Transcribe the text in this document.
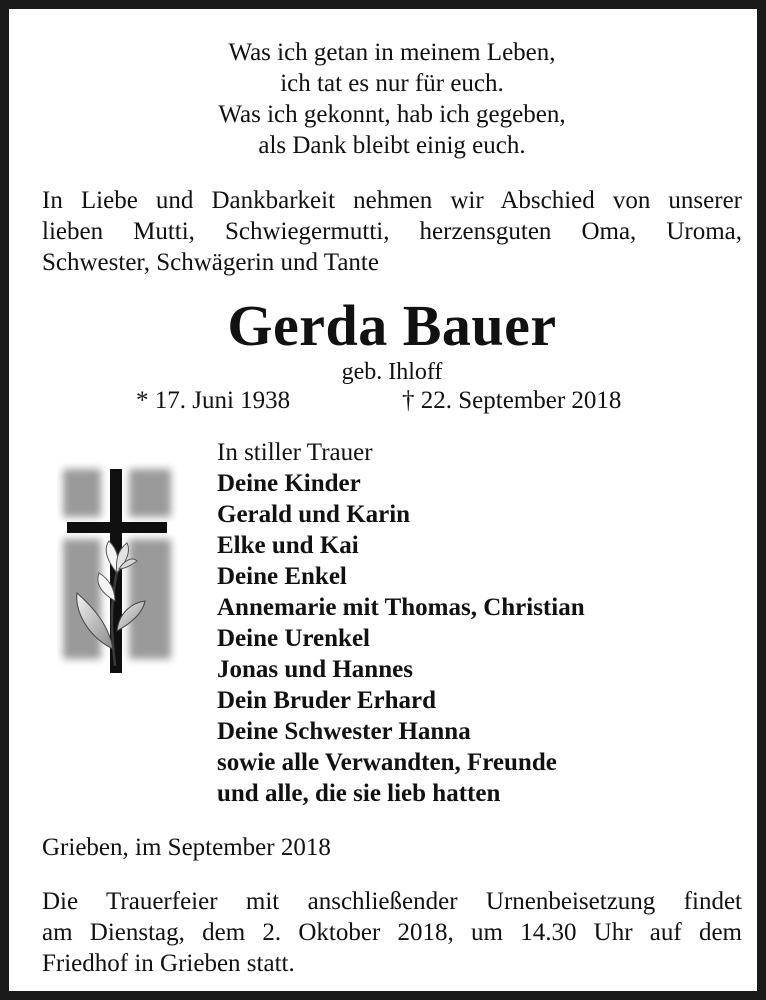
Was ich getan in meinem Leben,
ich tat es nur für euch.
Was ich gekonnt, hab ich gegeben,
als Dank bleibt einig euch.
In Liebe und Dankbarkeit nehmen wir Abschied von unserer
lieben Mutti, Schwiegermutti, herzensguten Oma, Uroma,
Schwester, Schwägerin und Tante
Gerda Bauer
geb. Ihloff
* 17. Juni 1938	† 22. September 2018
In stiller Trauer
Deine Kinder
Gerald und Karin
Elke und Kai
Deine Enkel
Annemarie mit Thomas, Christian
Deine Urenkel
Jonas und Hannes
Dein Bruder Erhard
Deine Schwester Hanna
sowie alle Verwandten, Freunde
und alle, die sie lieb hatten
Grieben, im September 2018
Die Trauerfeier mit anschließender Urnenbeisetzung findet
am Dienstag, dem 2. Oktober 2018, um 14.30 Uhr auf dem
Friedhof in Grieben statt.
